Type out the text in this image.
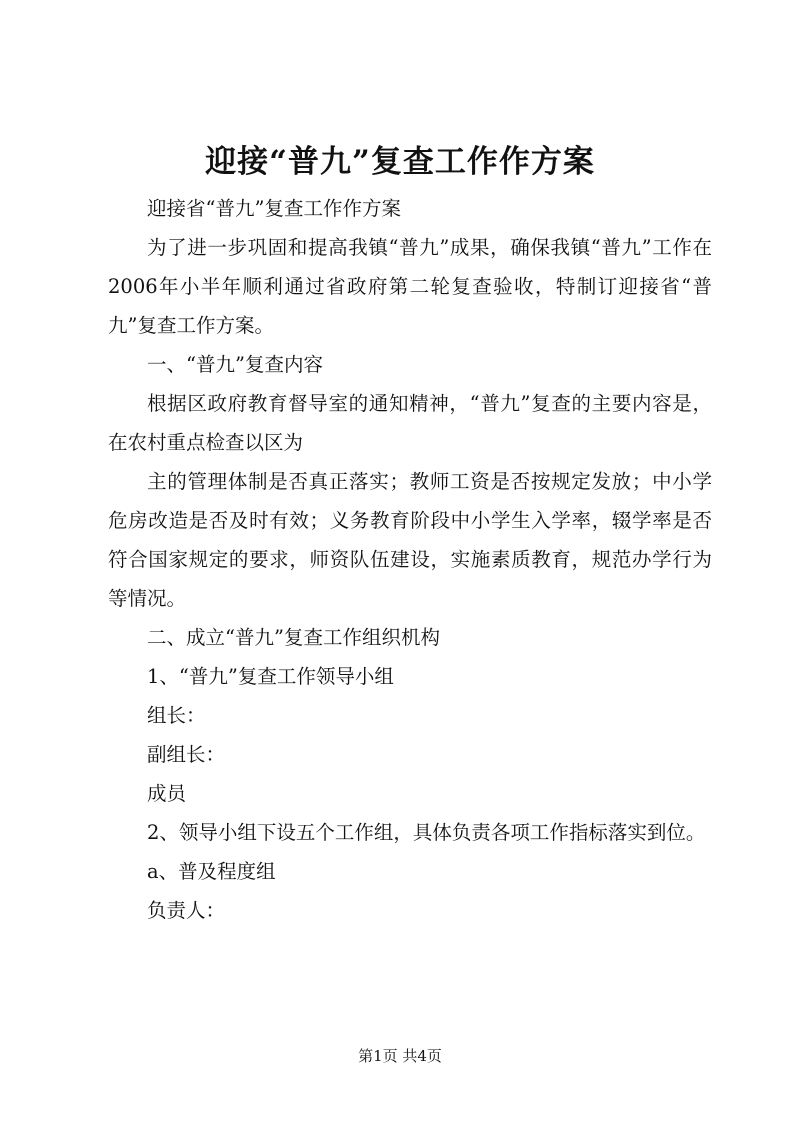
迎接“普九”复查工作作方案

迎接省“普九”复查工作作方案

为了进一步巩固和提高我镇“普九”成果，确保我镇“普九”工作在2006年小半年顺利通过省政府第二轮复查验收，特制订迎接省“普九”复查工作方案。

一、“普九”复查内容

根据区政府教育督导室的通知精神，“普九”复查的主要内容是，在农村重点检查以区为

主的管理体制是否真正落实；教师工资是否按规定发放；中小学危房改造是否及时有效；义务教育阶段中小学生入学率，辍学率是否符合国家规定的要求，师资队伍建设，实施素质教育，规范办学行为等情况。

二、成立“普九”复查工作组织机构

1、“普九”复查工作领导小组

组长：

副组长：

成员

2、领导小组下设五个工作组，具体负责各项工作指标落实到位。

a、普及程度组

负责人：

第1页 共4页
